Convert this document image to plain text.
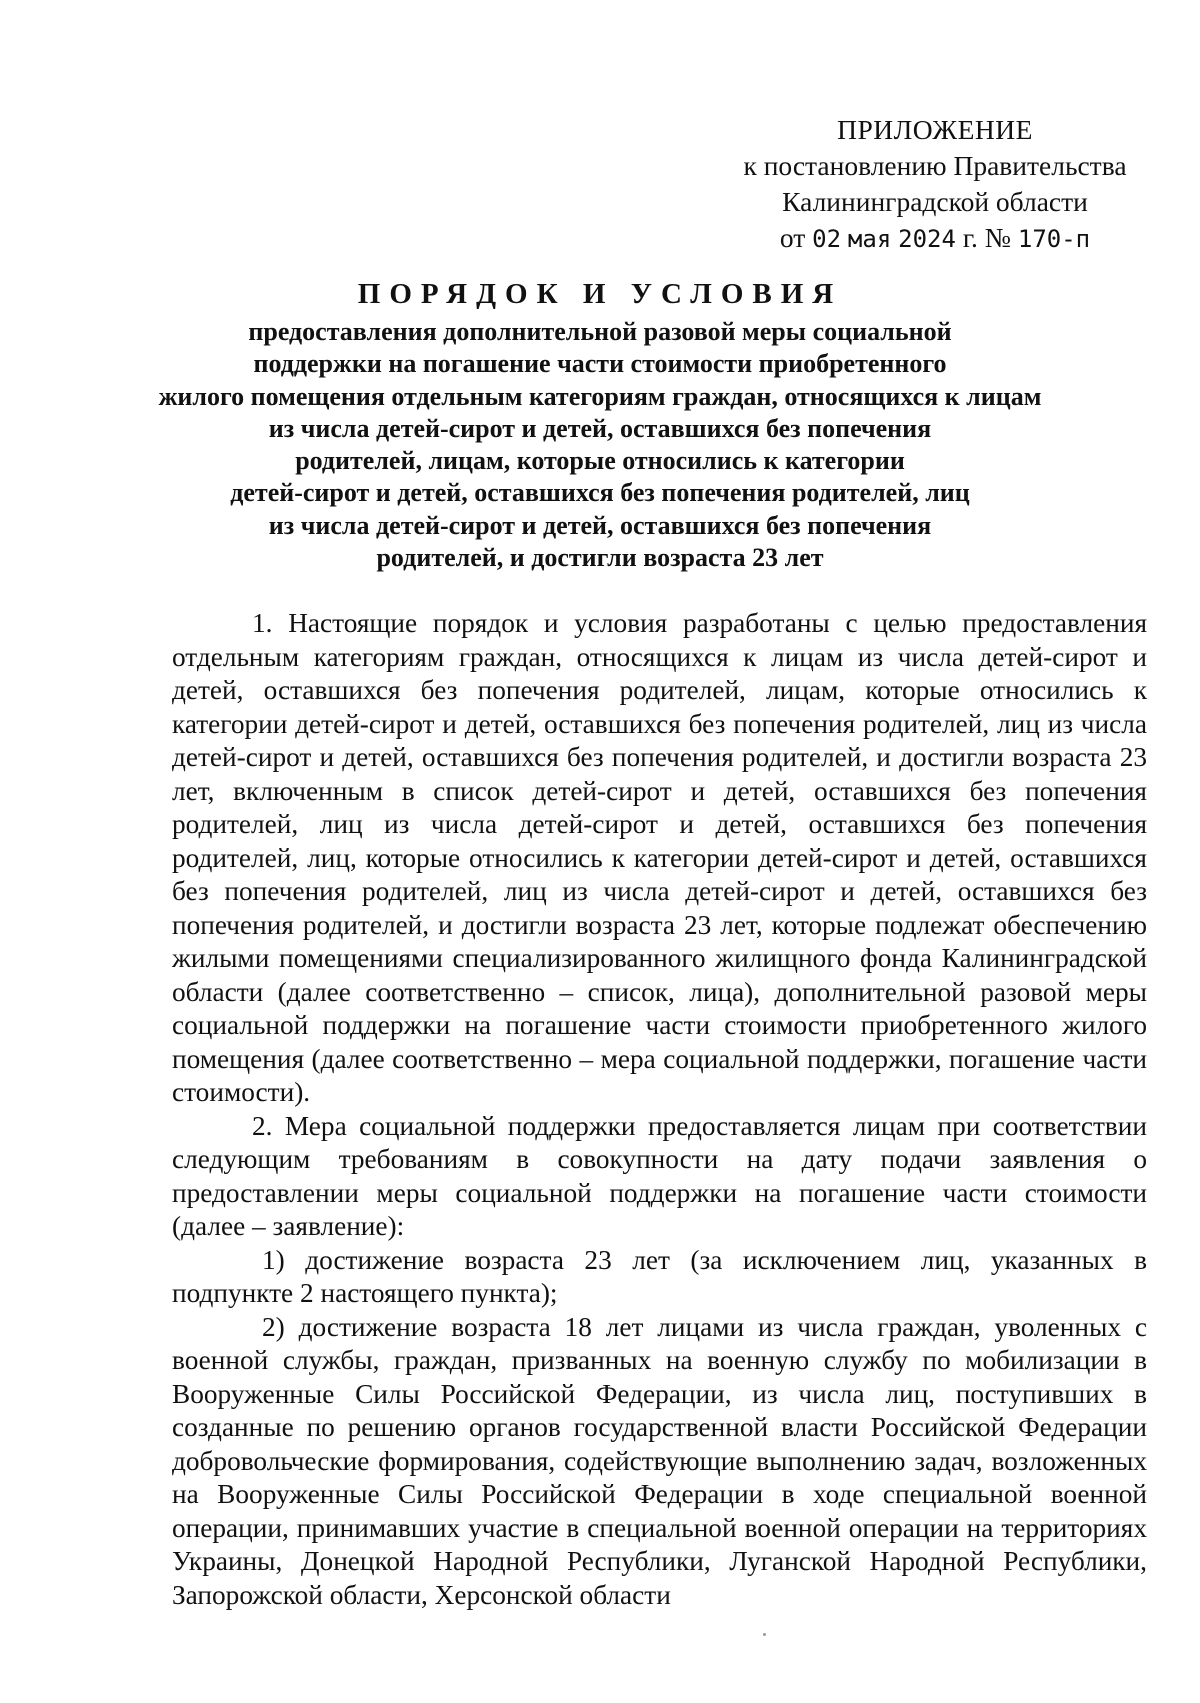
ПРИЛОЖЕНИЕ
к постановлению Правительства
Калининградской области
от 02 мая 2024 г. № 170-п
ПОРЯДОК И УСЛОВИЯ
предоставления дополнительной разовой меры социальной
поддержки на погашение части стоимости приобретенного
жилого помещения отдельным категориям граждан, относящихся к лицам
из числа детей-сирот и детей, оставшихся без попечения
родителей, лицам, которые относились к категории
детей-сирот и детей, оставшихся без попечения родителей, лиц
из числа детей-сирот и детей, оставшихся без попечения
родителей, и достигли возраста 23 лет

1. Настоящие порядок и условия разработаны с целью предоставления отдельным категориям граждан, относящихся к лицам из числа детей-сирот и детей, оставшихся без попечения родителей, лицам, которые относились к категории детей-сирот и детей, оставшихся без попечения родителей, лиц из числа детей-сирот и детей, оставшихся без попечения родителей, и достигли возраста 23 лет, включенным в список детей-сирот и детей, оставшихся без попечения родителей, лиц из числа детей-сирот и детей, оставшихся без попечения родителей, лиц, которые относились к категории детей-сирот и детей, оставшихся без попечения родителей, лиц из числа детей-сирот и детей, оставшихся без попечения родителей, и достигли возраста 23 лет, которые подлежат обеспечению жилыми помещениями специализированного жилищного фонда Калининградской области (далее соответственно – список, лица), дополнительной разовой меры социальной поддержки на погашение части стоимости приобретенного жилого помещения (далее соответственно – мера социальной поддержки, погашение части стоимости).

2. Мера социальной поддержки предоставляется лицам при соответствии следующим требованиям в совокупности на дату подачи заявления о предоставлении меры социальной поддержки на погашение части стоимости (далее – заявление):

1) достижение возраста 23 лет (за исключением лиц, указанных в подпункте 2 настоящего пункта);

2) достижение возраста 18 лет лицами из числа граждан, уволенных с военной службы, граждан, призванных на военную службу по мобилизации в Вооруженные Силы Российской Федерации, из числа лиц, поступивших в созданные по решению органов государственной власти Российской Федерации добровольческие формирования, содействующие выполнению задач, возложенных на Вооруженные Силы Российской Федерации в ходе специальной военной операции, принимавших участие в специальной военной операции на территориях Украины, Донецкой Народной Республики, Луганской Народной Республики, Запорожской области, Херсонской области
